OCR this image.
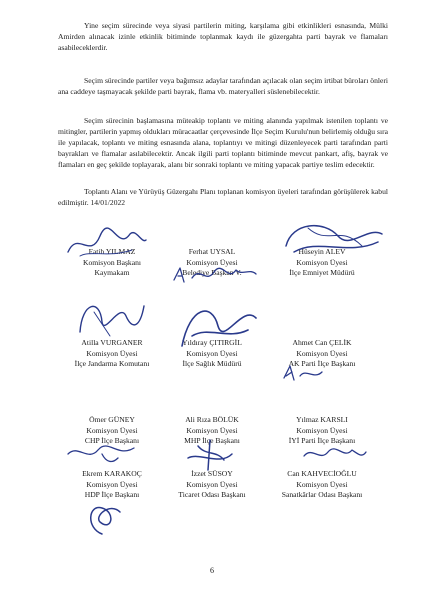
Yine seçim sürecinde veya siyasi partilerin miting, karşılama gibi etkinlikleri esnasında, Mülki Amirden alınacak izinle etkinlik bitiminde toplanmak kaydı ile güzergahta parti bayrak ve flamaları asabileceklerdir.

Seçim sürecinde partiler veya bağımsız adaylar tarafından açılacak olan seçim irtibat büroları önleri ana caddeye taşmayacak şekilde parti bayrak, flama vb. materyalleri süslenebilecektir.

Seçim sürecinin başlamasına müteakip toplantı ve miting alanında yapılmak istenilen toplantı ve mitingler, partilerin yapmış oldukları müracaatlar çerçevesinde İlçe Seçim Kurulu'nun belirlemiş olduğu sıra ile yapılacak, toplantı ve miting esnasında alana, toplantıyı ve mitingi düzenleyecek parti tarafından parti bayrakları ve flamalar asılabilecektir. Ancak ilgili parti toplantı bitiminde mevcut pankart, afiş, bayrak ve flamaları en geç şekilde toplayarak, alanı bir sonraki toplantı ve miting yapacak partiye teslim edecektir.

Toplantı Alanı ve Yürüyüş Güzergahı Planı toplanan komisyon üyeleri tarafından görüşülerek kabul edilmiştir. 14/01/2022

Fatih YILMAZ
Komisyon Başkanı
Kaymakam
Ferhat UYSAL
Komisyon Üyesi
Belediye Başkan V.
Hüseyin ALEV
Komisyon Üyesi
İlçe Emniyet Müdürü
Atilla VURGANER
Komisyon Üyesi
İlçe Jandarma Komutanı
Yıldıray ÇITIRGİL
Komisyon Üyesi
İlçe Sağlık Müdürü
Ahmet Can ÇELİK
Komisyon Üyesi
AK Parti İlçe Başkanı
Ömer GÜNEY
Komisyon Üyesi
CHP İlçe Başkanı
Ali Rıza BÖLÜK
Komisyon Üyesi
MHP İlçe Başkanı
Yılmaz KARSLI
Komisyon Üyesi
İYİ Parti İlçe Başkanı
Ekrem KARAKOÇ
Komisyon Üyesi
HDP İlçe Başkanı
İzzet SÜSOY
Komisyon Üyesi
Ticaret Odası Başkanı
Can KAHVECİOĞLU
Komisyon Üyesi
Sanatkârlar Odası Başkanı
6
